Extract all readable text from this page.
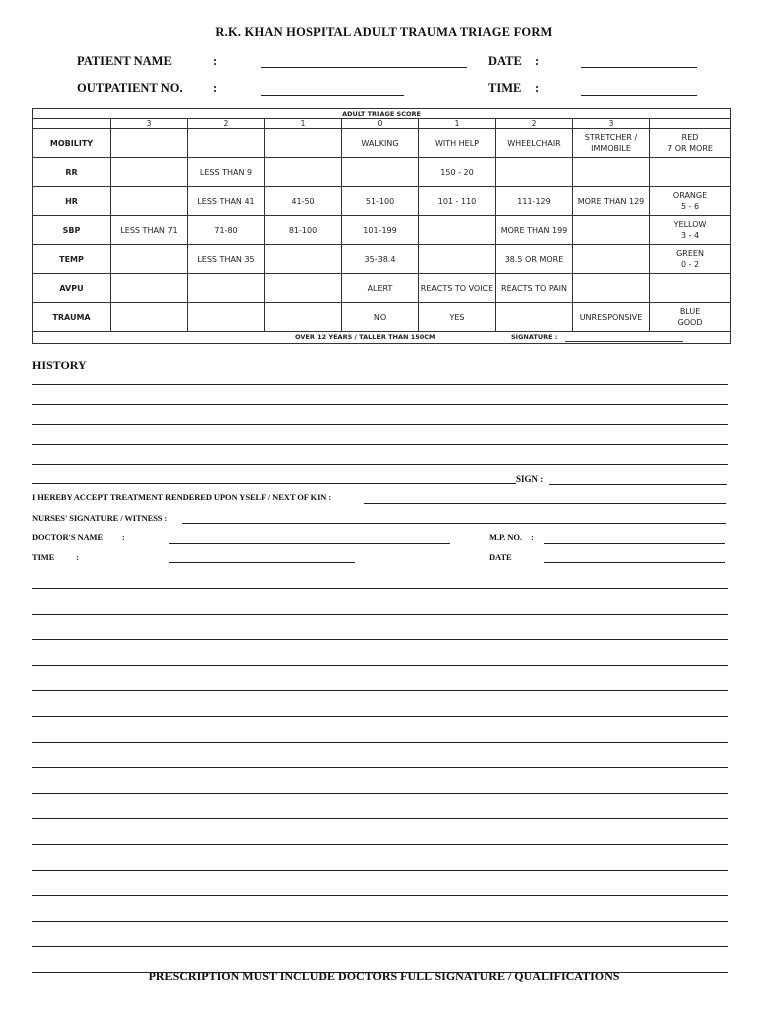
R.K. KHAN HOSPITAL ADULT TRAUMA TRIAGE FORM
PATIENT NAME	:	DATE :
OUTPATIENT NO. :	TIME :
ADULT TRIAGE SCORE								
	3	2	1	0	1	2	3	
MOBILITY				WALKING	WITH HELP	WHEELCHAIR	STRETCHER / IMMOBILE	RED
7 OR MORE

RR		LESS THAN 9			150 - 20			

HR		LESS THAN 41	41-50	51-100	101 - 110	111-129	MORE THAN 129	ORANGE
5 - 6

SBP	LESS THAN 71	71-80	81-100	101-199		MORE THAN 199		YELLOW
3 - 4

TEMP		LESS THAN 35		35-38.4		38.5 OR MORE		GREEN
0 - 2

AVPU				ALERT	REACTS TO VOICE	REACTS TO PAIN		

TRAUMA				NO	YES		UNRESPONSIVE	BLUE
GOOD

OVER 12 YEARS / TALLER THAN 150CM SIGNATURE :								
HISTORY
SIGN :
I HEREBY ACCEPT TREATMENT RENDERED UPON YSELF / NEXT OF KIN :
NURSES' SIGNATURE / WITNESS :
DOCTOR'S NAME :	M.P. NO. :
TIME	:	DATE
PRESCRIPTION MUST INCLUDE DOCTORS FULL SIGNATURE / QUALIFICATIONS
